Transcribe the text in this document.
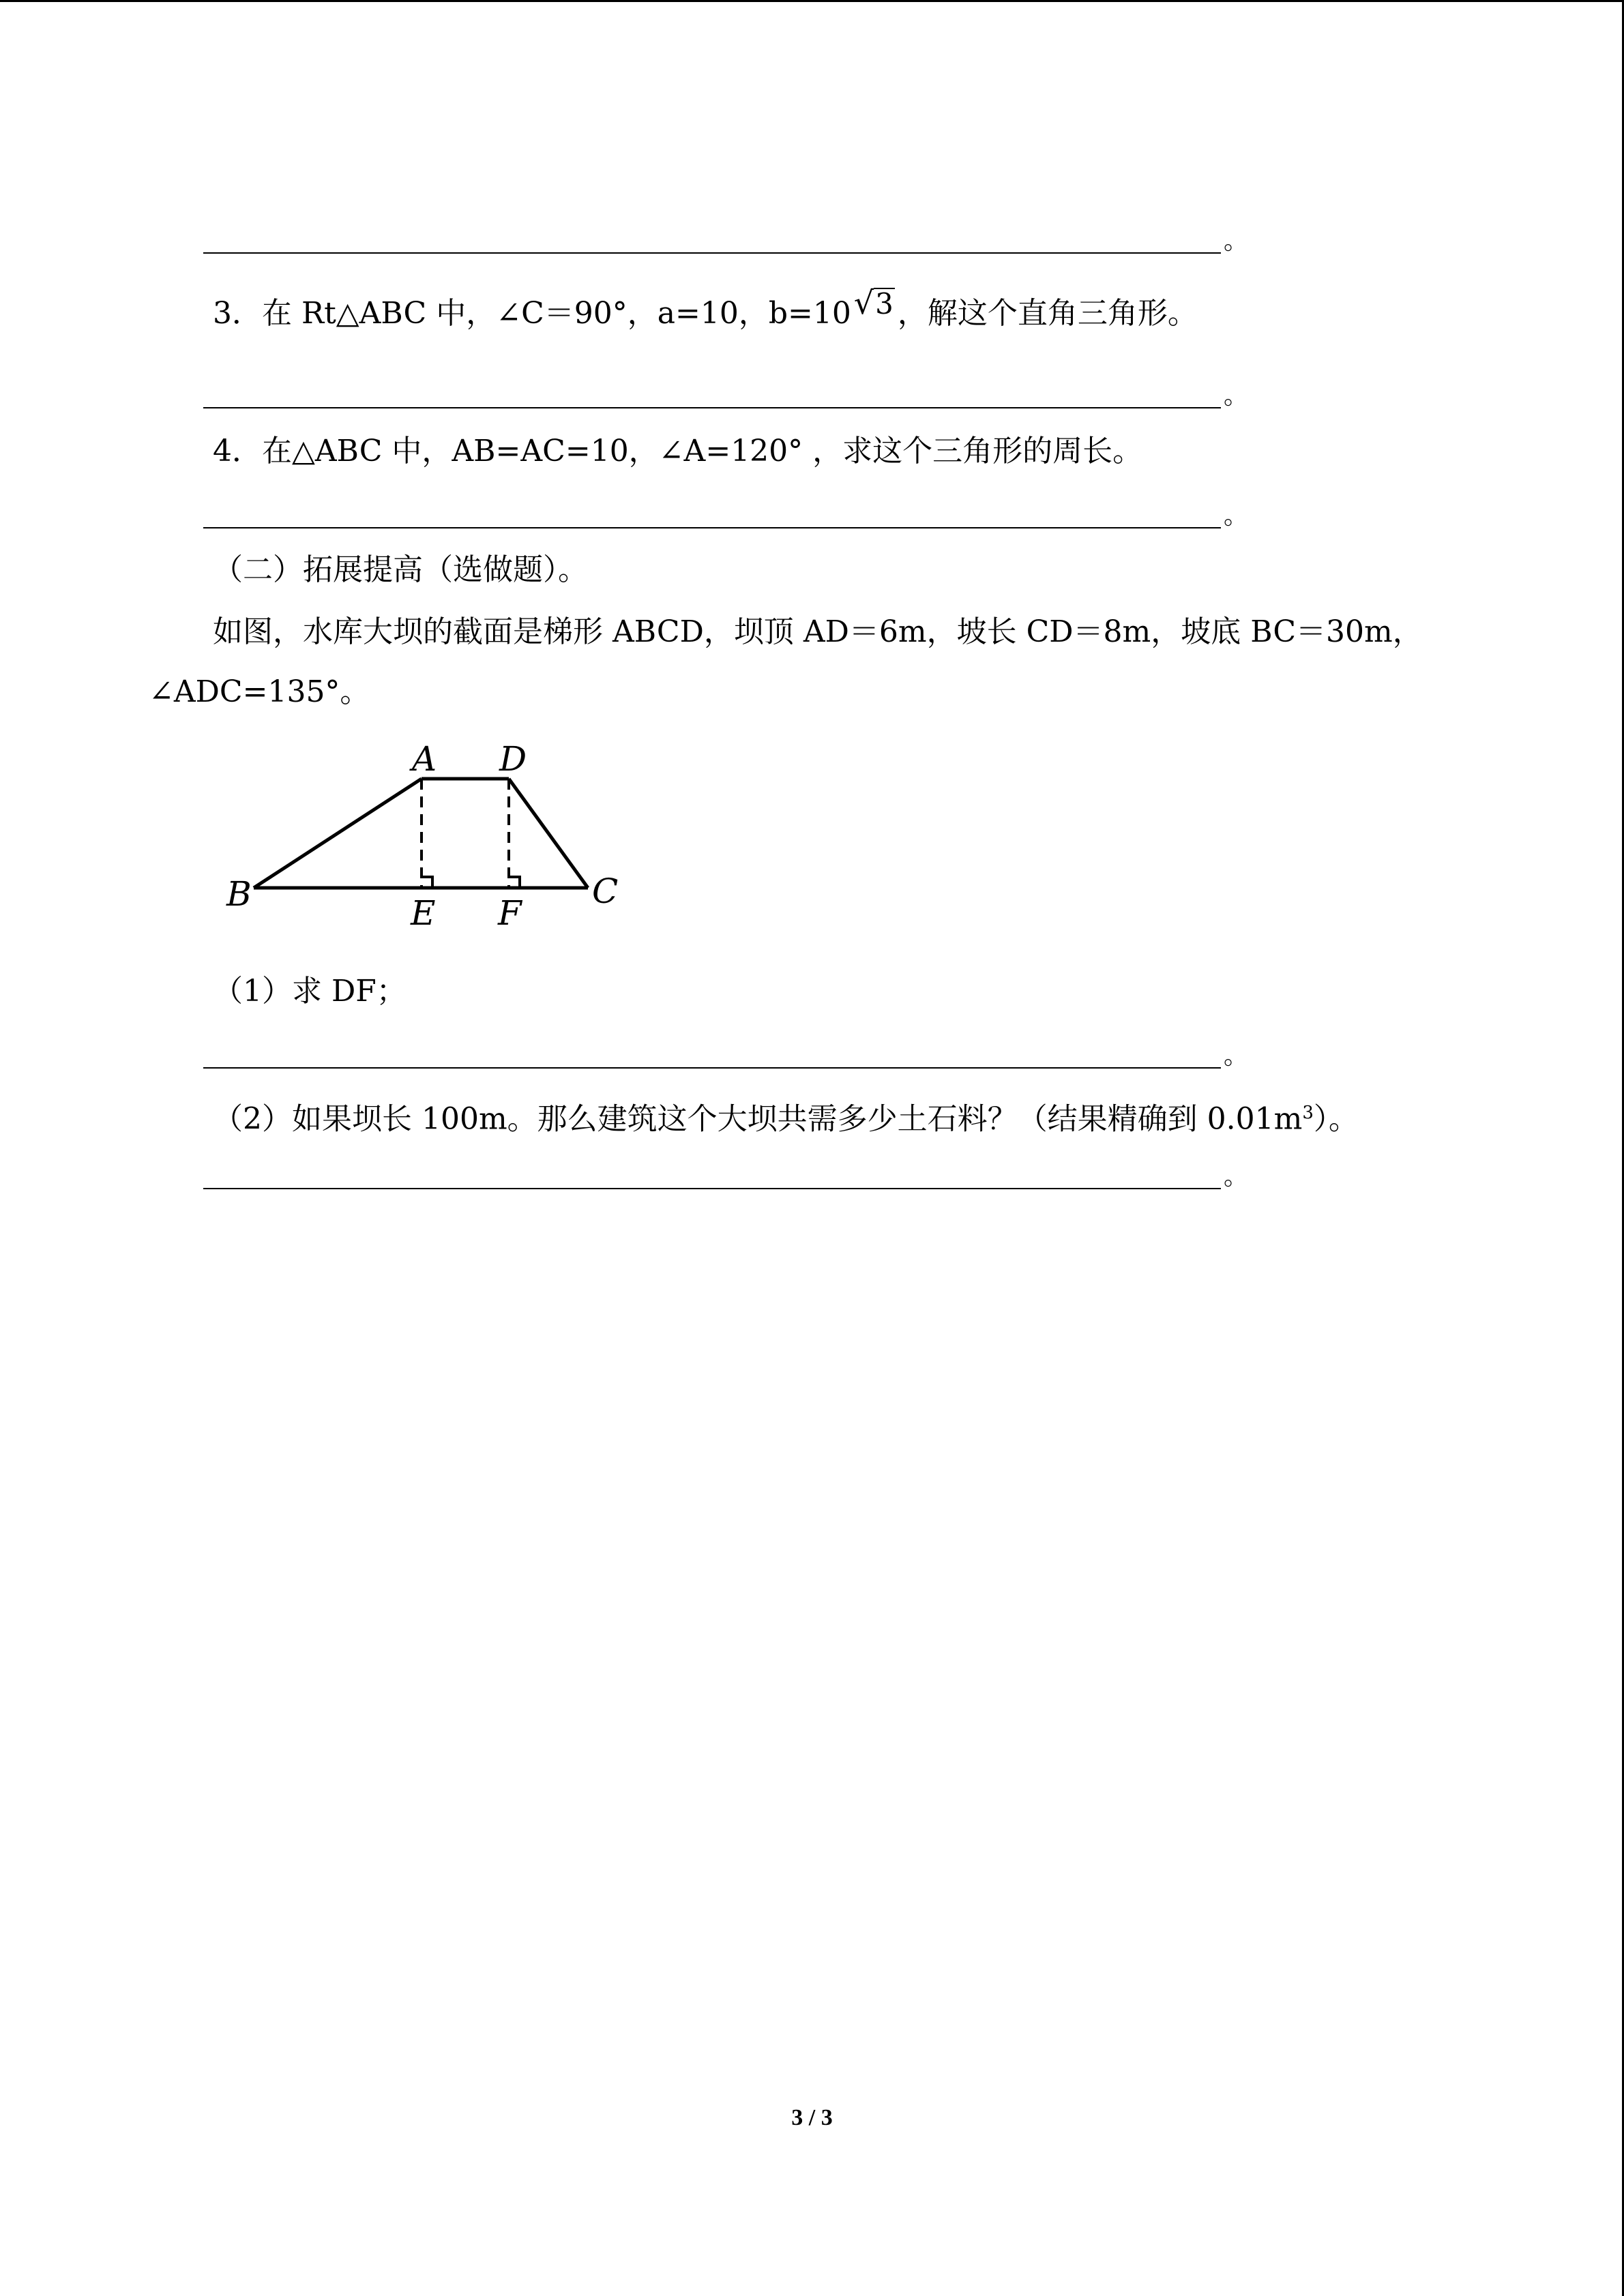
。
3．在 Rt△ABC 中，∠C＝90°，a=10，b=10√3 ，解这个直角三角形。
。
4．在△ABC 中，AB=AC=10，∠A=120° ，求这个三角形的周长。
。
（二）拓展提高（选做题）。
如图，水库大坝的截面是梯形 ABCD，坝顶 AD＝6m，坡长 CD＝8m，坡底 BC＝30m，
∠ADC=135°。
A D
B	C
E F
（1）求 DF；
。
（2）如果坝长 100m。那么建筑这个大坝共需多少土石料？（结果精确到 $0.01m^3$）。
。
3 / 3
